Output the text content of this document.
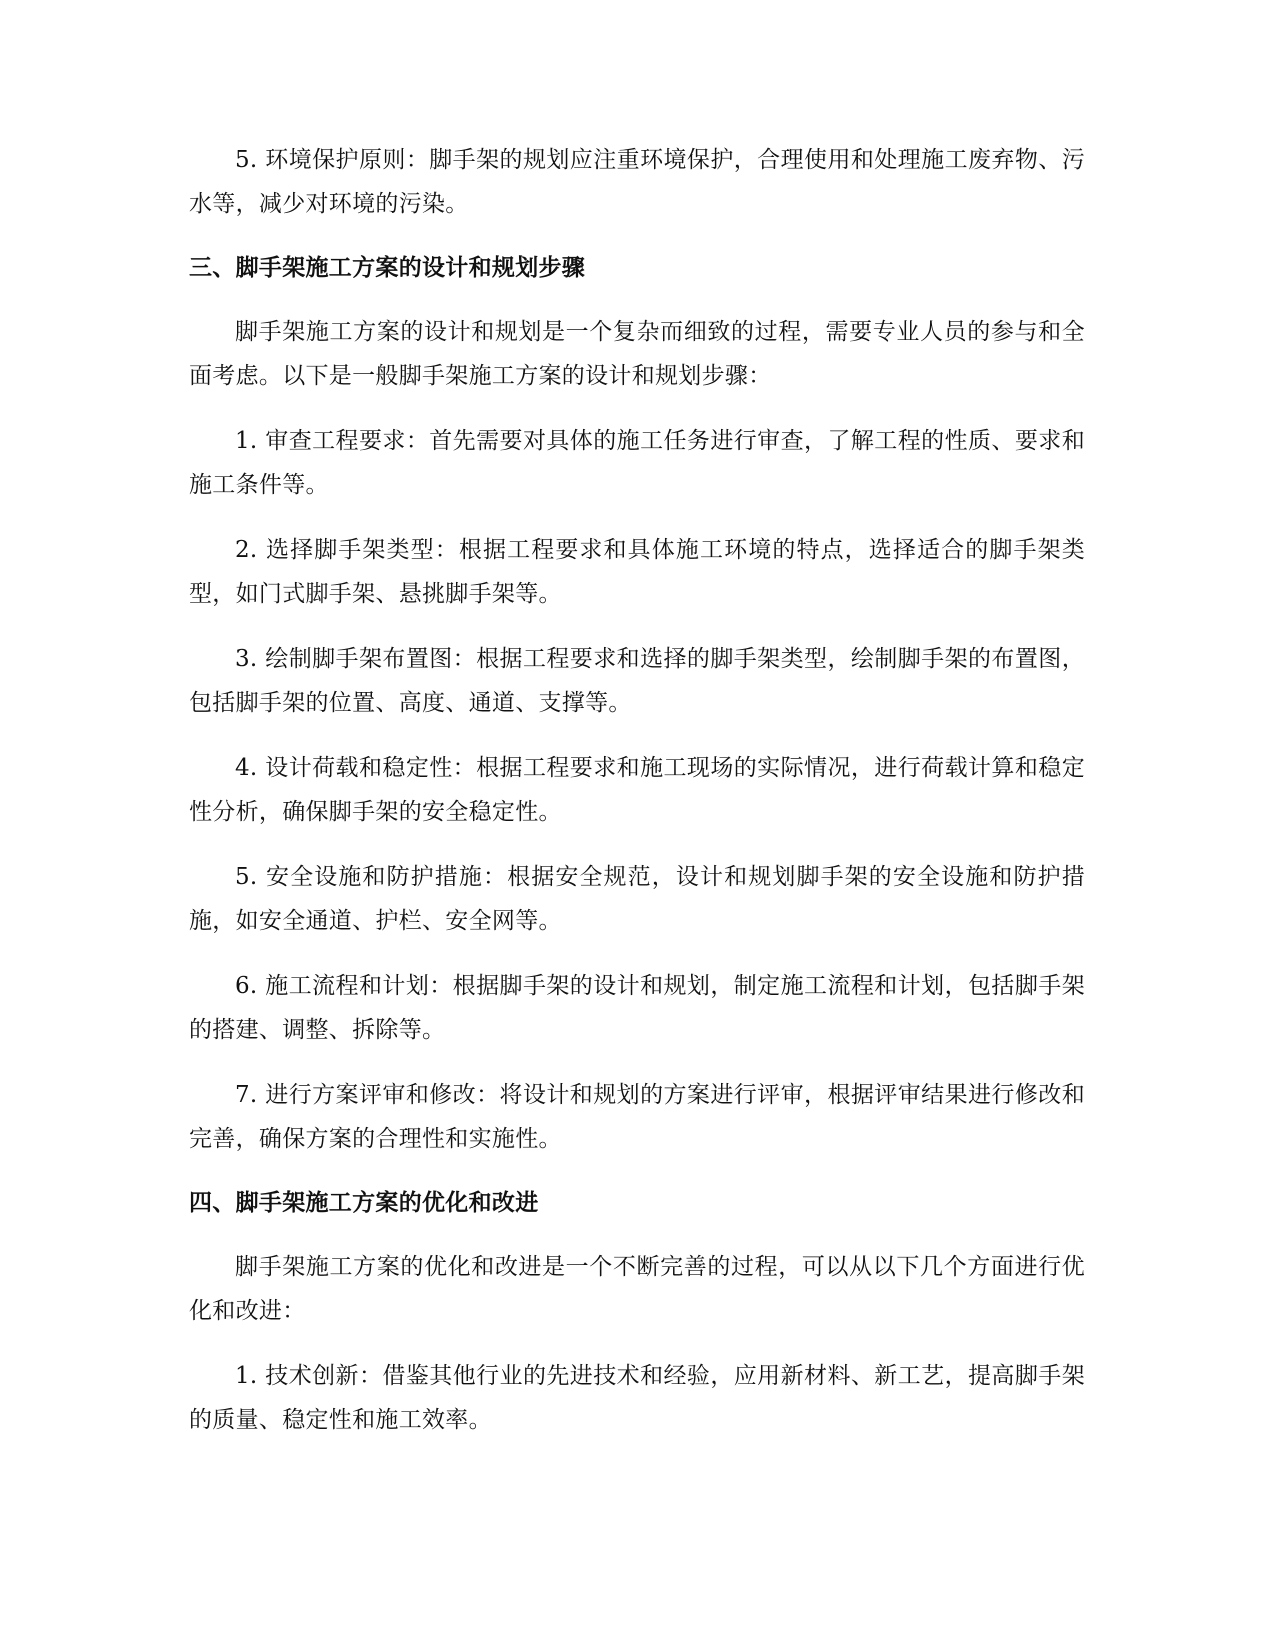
5. 环境保护原则：脚手架的规划应注重环境保护，合理使用和处理施工废弃物、污水等，减少对环境的污染。

三、脚手架施工方案的设计和规划步骤

脚手架施工方案的设计和规划是一个复杂而细致的过程，需要专业人员的参与和全面考虑。以下是一般脚手架施工方案的设计和规划步骤：

1. 审查工程要求：首先需要对具体的施工任务进行审查，了解工程的性质、要求和施工条件等。

2. 选择脚手架类型：根据工程要求和具体施工环境的特点，选择适合的脚手架类型，如门式脚手架、悬挑脚手架等。

3. 绘制脚手架布置图：根据工程要求和选择的脚手架类型，绘制脚手架的布置图，包括脚手架的位置、高度、通道、支撑等。

4. 设计荷载和稳定性：根据工程要求和施工现场的实际情况，进行荷载计算和稳定性分析，确保脚手架的安全稳定性。

5. 安全设施和防护措施：根据安全规范，设计和规划脚手架的安全设施和防护措施，如安全通道、护栏、安全网等。

6. 施工流程和计划：根据脚手架的设计和规划，制定施工流程和计划，包括脚手架的搭建、调整、拆除等。

7. 进行方案评审和修改：将设计和规划的方案进行评审，根据评审结果进行修改和完善，确保方案的合理性和实施性。

四、脚手架施工方案的优化和改进

脚手架施工方案的优化和改进是一个不断完善的过程，可以从以下几个方面进行优化和改进：

1. 技术创新：借鉴其他行业的先进技术和经验，应用新材料、新工艺，提高脚手架的质量、稳定性和施工效率。
